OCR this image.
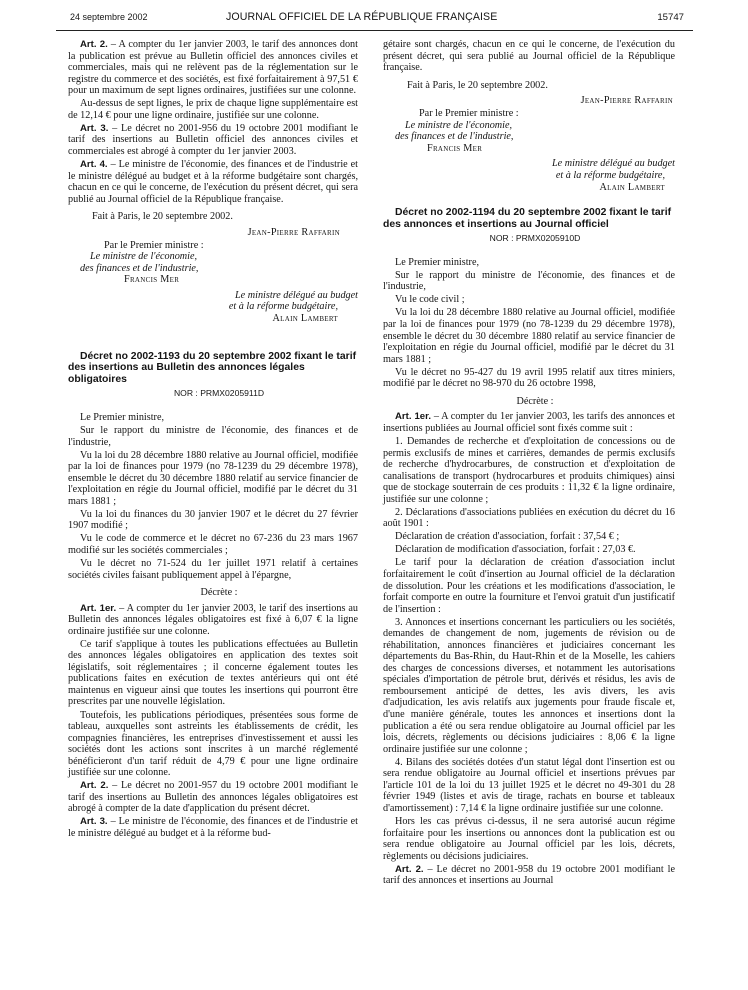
24 septembre 2002	JOURNAL OFFICIEL DE LA RÉPUBLIQUE FRANÇAISE	15747

Art. 2. – A compter du 1er janvier 2003, le tarif des annonces dont la publication est prévue au Bulletin officiel des annonces civiles et commerciales, mais qui ne relèvent pas de la réglementation sur le registre du commerce et des sociétés, est fixé forfaitairement à 97,51 € pour un maximum de sept lignes ordinaires, justifiées sur une colonne.

Au-dessus de sept lignes, le prix de chaque ligne supplémentaire est de 12,14 € pour une ligne ordinaire, justifiée sur une colonne.

Art. 3. – Le décret no 2001-956 du 19 octobre 2001 modifiant le tarif des insertions au Bulletin officiel des annonces civiles et commerciales est abrogé à compter du 1er janvier 2003.

Art. 4. – Le ministre de l'économie, des finances et de l'industrie et le ministre délégué au budget et à la réforme budgétaire sont chargés, chacun en ce qui le concerne, de l'exécution du présent décret, qui sera publié au Journal officiel de la République française.

Fait à Paris, le 20 septembre 2002.

Jean-Pierre Raffarin

Par le Premier ministre :

Le ministre de l'économie,

des finances et de l'industrie,

Francis Mer

Le ministre délégué au budget

et à la réforme budgétaire,

Alain Lambert

Décret no 2002-1193 du 20 septembre 2002 fixant le tarif des insertions au Bulletin des annonces légales obligatoires

NOR : PRMX0205911D

Le Premier ministre,

Sur le rapport du ministre de l'économie, des finances et de l'industrie,

Vu la loi du 28 décembre 1880 relative au Journal officiel, modifiée par la loi de finances pour 1979 (no 78-1239 du 29 décembre 1978), ensemble le décret du 30 décembre 1880 relatif au service financier de l'exploitation en régie du Journal officiel, modifié par le décret du 31 mars 1881 ;

Vu la loi du finances du 30 janvier 1907 et le décret du 27 février 1907 modifié ;

Vu le code de commerce et le décret no 67-236 du 23 mars 1967 modifié sur les sociétés commerciales ;

Vu le décret no 71-524 du 1er juillet 1971 relatif à certaines sociétés civiles faisant publiquement appel à l'épargne,

Décrète :

Art. 1er. – A compter du 1er janvier 2003, le tarif des insertions au Bulletin des annonces légales obligatoires est fixé à 6,07 € la ligne ordinaire justifiée sur une colonne.

Ce tarif s'applique à toutes les publications effectuées au Bulletin des annonces légales obligatoires en application des textes soit législatifs, soit réglementaires ; il concerne également toutes les publications faites en exécution de textes antérieurs qui ont été maintenus en vigueur ainsi que toutes les insertions qui pourront être prescrites par une nouvelle législation.

Toutefois, les publications périodiques, présentées sous forme de tableau, auxquelles sont astreints les établissements de crédit, les compagnies financières, les entreprises d'investissement et aussi les sociétés dont les actions sont inscrites à un marché réglementé bénéficieront d'un tarif réduit de 4,79 € pour une ligne ordinaire justifiée sur une colonne.

Art. 2. – Le décret no 2001-957 du 19 octobre 2001 modifiant le tarif des insertions au Bulletin des annonces légales obligatoires est abrogé à compter de la date d'application du présent décret.

Art. 3. – Le ministre de l'économie, des finances et de l'industrie et le ministre délégué au budget et à la réforme bud-

gétaire sont chargés, chacun en ce qui le concerne, de l'exécution du présent décret, qui sera publié au Journal officiel de la République française.

Fait à Paris, le 20 septembre 2002.

Jean-Pierre Raffarin

Par le Premier ministre :

Le ministre de l'économie,

des finances et de l'industrie,

Francis Mer

Le ministre délégué au budget

et à la réforme budgétaire,

Alain Lambert

Décret no 2002-1194 du 20 septembre 2002 fixant le tarif des annonces et insertions au Journal officiel

NOR : PRMX0205910D

Le Premier ministre,

Sur le rapport du ministre de l'économie, des finances et de l'industrie,

Vu le code civil ;

Vu la loi du 28 décembre 1880 relative au Journal officiel, modifiée par la loi de finances pour 1979 (no 78-1239 du 29 décembre 1978), ensemble le décret du 30 décembre 1880 relatif au service financier de l'exploitation en régie du Journal officiel, modifié par le décret du 31 mars 1881 ;

Vu le décret no 95-427 du 19 avril 1995 relatif aux titres miniers, modifié par le décret no 98-970 du 26 octobre 1998,

Décrète :

Art. 1er. – A compter du 1er janvier 2003, les tarifs des annonces et insertions publiées au Journal officiel sont fixés comme suit :

1. Demandes de recherche et d'exploitation de concessions ou de permis exclusifs de mines et carrières, demandes de permis exclusifs de recherche d'hydrocarbures, de construction et d'exploitation de canalisations de transport (hydrocarbures et produits chimiques) ainsi que de stockage souterrain de ces produits : 11,32 € la ligne ordinaire, justifiée sur une colonne ;

2. Déclarations d'associations publiées en exécution du décret du 16 août 1901 :

Déclaration de création d'association, forfait : 37,54 € ;

Déclaration de modification d'association, forfait : 27,03 €.

Le tarif pour la déclaration de création d'association inclut forfaitairement le coût d'insertion au Journal officiel de la déclaration de dissolution. Pour les créations et les modifications d'association, le forfait comporte en outre la fourniture et l'envoi gratuit d'un justificatif de l'insertion :

3. Annonces et insertions concernant les particuliers ou les sociétés, demandes de changement de nom, jugements de révision ou de réhabilitation, annonces financières et judiciaires concernant les départements du Bas-Rhin, du Haut-Rhin et de la Moselle, les cahiers des charges de concessions diverses, et notamment les autorisations spéciales d'importation de pétrole brut, dérivés et résidus, les avis de remboursement anticipé de dettes, les avis divers, les avis d'adjudication, les avis relatifs aux jugements pour fraude fiscale et, d'une manière générale, toutes les annonces et insertions dont la publication a été ou sera rendue obligatoire au Journal officiel par les lois, décrets, règlements ou décisions judiciaires : 8,06 € la ligne ordinaire justifiée sur une colonne ;

4. Bilans des sociétés dotées d'un statut légal dont l'insertion est ou sera rendue obligatoire au Journal officiel et insertions prévues par l'article 101 de la loi du 13 juillet 1925 et le décret no 49-301 du 28 février 1949 (listes et avis de tirage, rachats en bourse et tableaux d'amortissement) : 7,14 € la ligne ordinaire justifiée sur une colonne.

Hors les cas prévus ci-dessus, il ne sera autorisé aucun régime forfaitaire pour les insertions ou annonces dont la publication est ou sera rendue obligatoire au Journal officiel par les lois, décrets, règlements ou décisions judiciaires.

Art. 2. – Le décret no 2001-958 du 19 octobre 2001 modifiant le tarif des annonces et insertions au Journal
